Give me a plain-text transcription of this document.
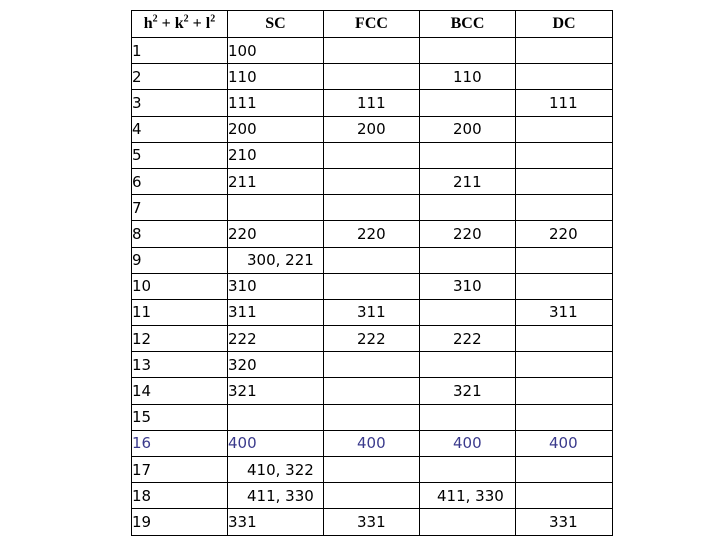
$h^2 + k^2 + l^2$	SC	FCC	BCC	DC
1	100			
2	110		110	
3	111	111		111
4	200	200	200	
5	210			
6	211		211	
7				
8	220	220	220	220
9	300, 221			
10	310		310	
11	311	311		311
12	222	222	222	
13	320			
14	321		321	
15				
16	400	400	400	400
17	410, 322			
18	411, 330		411, 330	
19	331	331		331
